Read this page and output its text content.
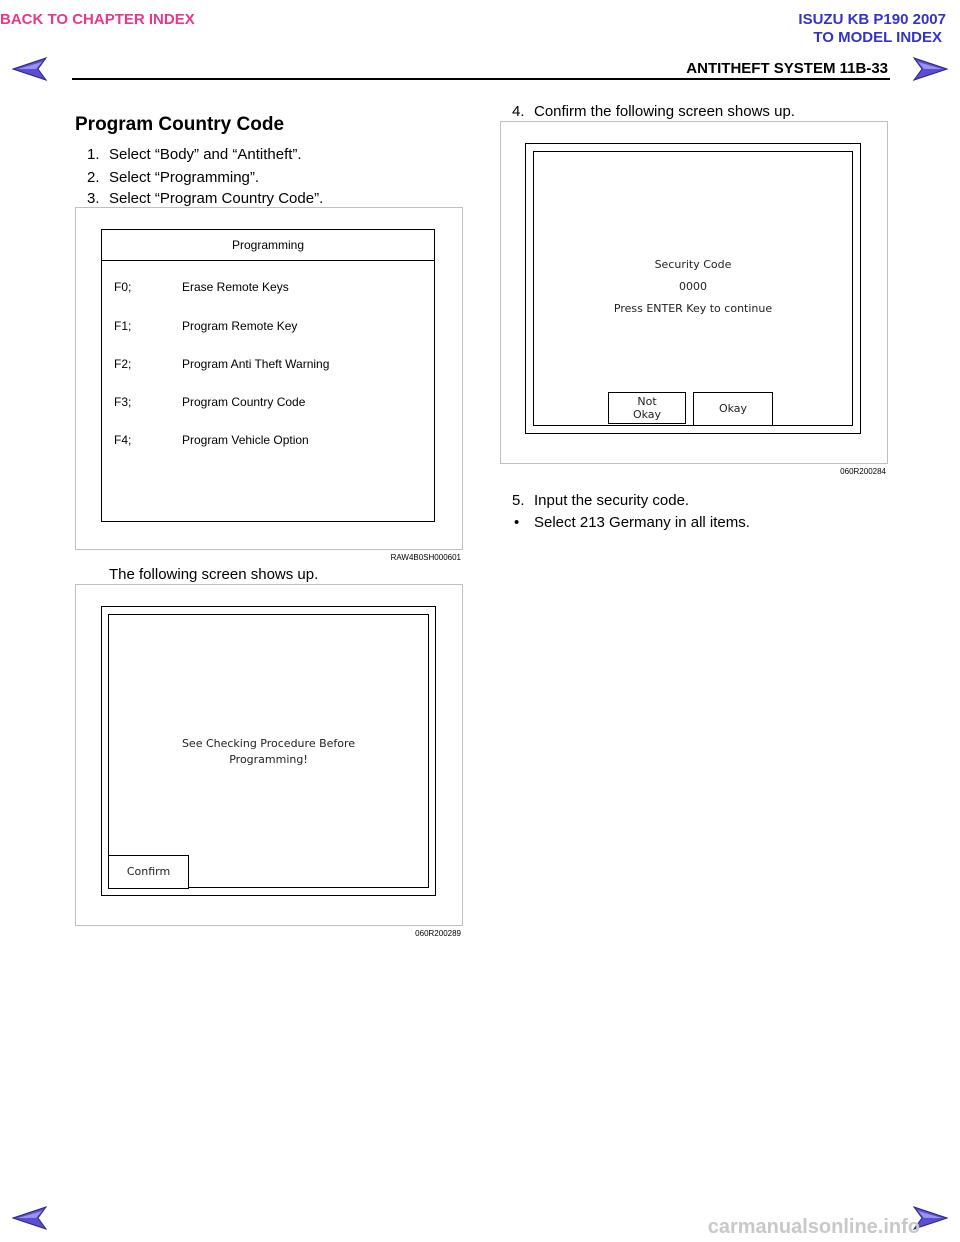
BACK TO CHAPTER INDEX	ISUZU KB P190 2007
TO MODEL INDEX
ANTITHEFT SYSTEM 11B-33
Program Country Code
1. Select “Body” and “Antitheft”.
2. Select “Programming”.
3. Select “Program Country Code”.
Programming
F0;	Erase Remote Keys
F1;	Program Remote Key
F2;	Program Anti Theft Warning
F3;	Program Country Code
F4;	Program Vehicle Option
RAW4B0SH000601
The following screen shows up.
See Checking Procedure Before
Programming!
Confirm
060R200289
4. Confirm the following screen shows up.
Security Code
0000
Press ENTER Key to continue
Not
Okay	Okay
060R200284
5. Input the security code.
• Select 213 Germany in all items.
carmanualsonline.info
